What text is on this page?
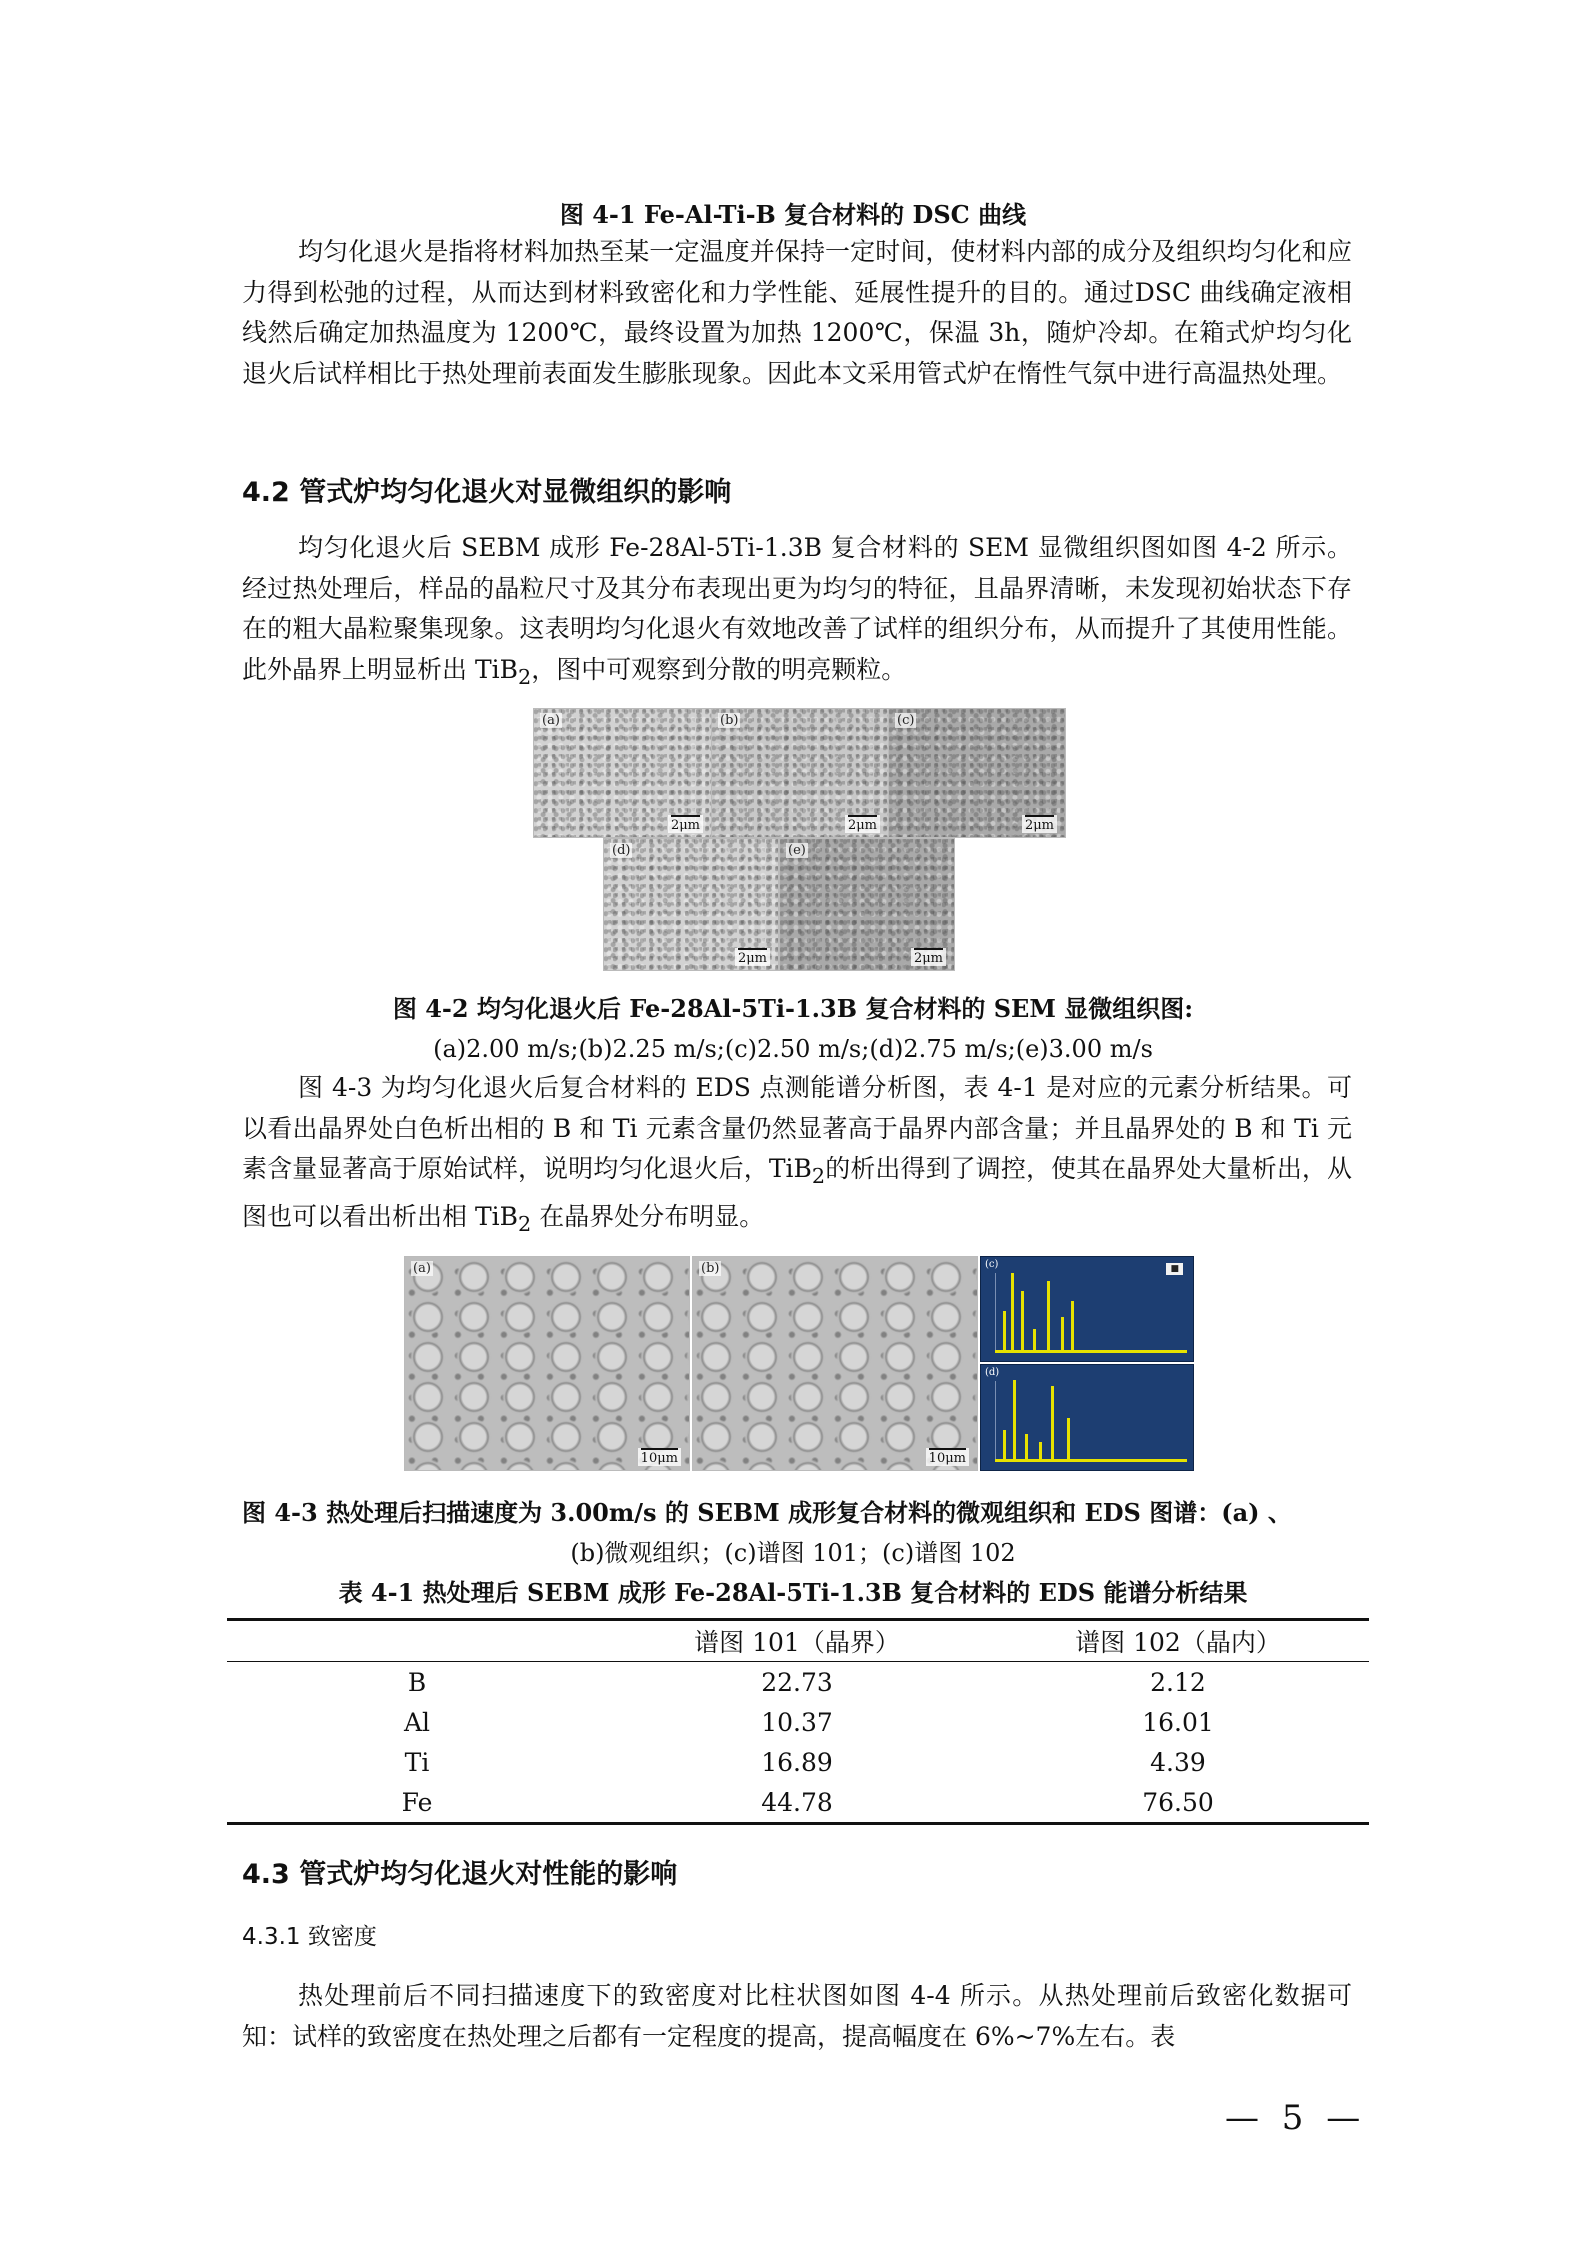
图 4-1 Fe-Al-Ti-B 复合材料的 DSC 曲线

均匀化退火是指将材料加热至某一定温度并保持一定时间，使材料内部的成分及组织均匀化和应力得到松弛的过程，从而达到材料致密化和力学性能、延展性提升的目的。通过DSC 曲线确定液相线然后确定加热温度为 1200℃，最终设置为加热 1200℃，保温 3h，随炉冷却。在箱式炉均匀化退火后试样相比于热处理前表面发生膨胀现象。因此本文采用管式炉在惰性气氛中进行高温热处理。

4.2 管式炉均匀化退火对显微组织的影响

均匀化退火后 SEBM 成形 Fe-28Al-5Ti-1.3B 复合材料的 SEM 显微组织图如图 4-2 所示。经过热处理后，样品的晶粒尺寸及其分布表现出更为均匀的特征，且晶界清晰，未发现初始状态下存在的粗大晶粒聚集现象。这表明均匀化退火有效地改善了试样的组织分布，从而提升了其使用性能。此外晶界上明显析出 TiB$_2$，图中可观察到分散的明亮颗粒。

(a)
2μm
(b)
2μm
(c)
2μm
(d)
2μm
(e)
2μm
图 4-2 均匀化退火后 Fe-28Al-5Ti-1.3B 复合材料的 SEM 显微组织图:
(a)2.00 m/s;(b)2.25 m/s;(c)2.50 m/s;(d)2.75 m/s;(e)3.00 m/s

图 4-3 为均匀化退火后复合材料的 EDS 点测能谱分析图，表 4-1 是对应的元素分析结果。可以看出晶界处白色析出相的 B 和 Ti 元素含量仍然显著高于晶界内部含量；并且晶界处的 B 和 Ti 元素含量显著高于原始试样，说明均匀化退火后，TiB$_2$的析出得到了调控，使其在晶界处大量析出，从图也可以看出析出相 TiB$_2$ 在晶界处分布明显。

(a)
10μm
(b)
10μm
(c)	■
(d)
图 4-3 热处理后扫描速度为 3.00m/s 的 SEBM 成形复合材料的微观组织和 EDS 图谱：(a) 、
(b)微观组织；(c)谱图 101；(c)谱图 102
表 4-1 热处理后 SEBM 成形 Fe-28Al-5Ti-1.3B 复合材料的 EDS 能谱分析结果
	谱图 101（晶界）	谱图 102（晶内）
B	22.73	2.12
Al	10.37	16.01
Ti	16.89	4.39
Fe	44.78	76.50
4.3 管式炉均匀化退火对性能的影响
4.3.1 致密度

热处理前后不同扫描速度下的致密度对比柱状图如图 4-4 所示。从热处理前后致密化数据可知：试样的致密度在热处理之后都有一定程度的提高，提高幅度在 6%~7%左右。表

— 5 —
